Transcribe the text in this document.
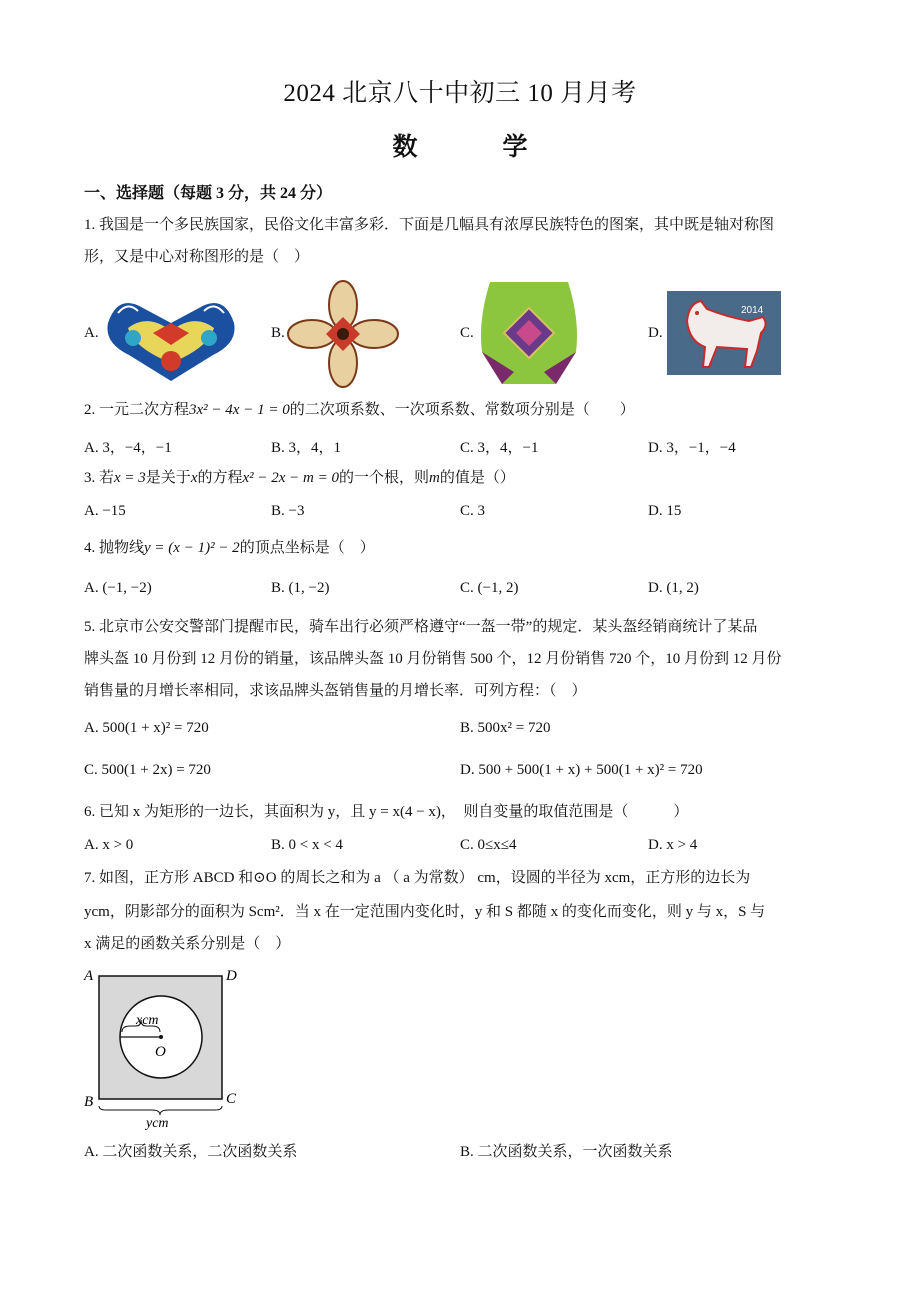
2024 北京八十中初三 10 月月考
数　学
一、选择题（每题 3 分，共 24 分）
1. 我国是一个多民族国家，民俗文化丰富多彩．下面是几幅具有浓厚民族特色的图案，其中既是轴对称图
形，又是中心对称图形的是（　）
A.	B.	C.	D.
2014
2. 一元二次方程3x² − 4x − 1 = 0的二次项系数、一次项系数、常数项分别是（　　）
A. 3，−4，−1	B. 3，4，1	C. 3，4，−1	D. 3，−1，−4
3. 若x = 3是关于x的方程x² − 2x − m = 0的一个根，则m的值是（）
A. −15	B. −3	C. 3	D. 15
4. 抛物线y = (x − 1)² − 2的顶点坐标是（　）
A. (−1, −2)	B. (1, −2)	C. (−1, 2)	D. (1, 2)
5. 北京市公安交警部门提醒市民，骑车出行必须严格遵守“一盔一带”的规定．某头盔经销商统计了某品
牌头盔 10 月份到 12 月份的销量，该品牌头盔 10 月份销售 500 个，12 月份销售 720 个，10 月份到 12 月份
销售量的月增长率相同，求该品牌头盔销售量的月增长率．可列方程：（　）
A. 500(1 + x)² = 720	B. 500x² = 720
C. 500(1 + 2x) = 720	D. 500 + 500(1 + x) + 500(1 + x)² = 720
6. 已知 x 为矩形的一边长，其面积为 y，且 y = x(4 − x)，　则自变量的取值范围是（　　　）
A. x > 0	B. 0 < x < 4	C. 0≤x≤4	D. x > 4
7. 如图，正方形 ABCD 和⊙O 的周长之和为 a （ a 为常数） cm，设圆的半径为 xcm，正方形的边长为
ycm，阴影部分的面积为 Scm²．当 x 在一定范围内变化时，y 和 S 都随 x 的变化而变化，则 y 与 x，S 与
x 满足的函数关系分别是（　）
A	D
B	C
O
xcm
ycm
A. 二次函数关系，二次函数关系	B. 二次函数关系，一次函数关系
